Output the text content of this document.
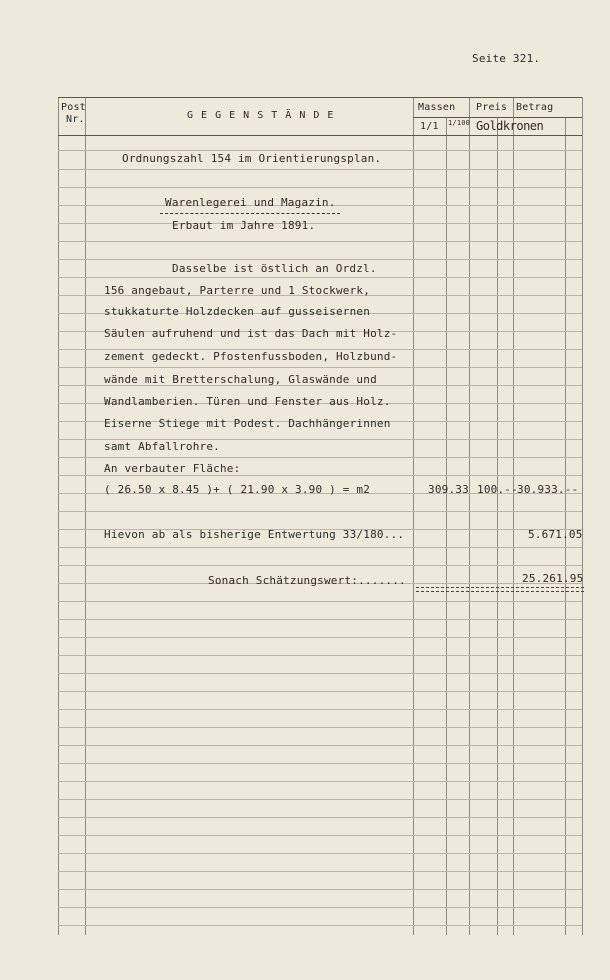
Seite 321.
Post
Nr.	G E G E N S T Ä N D E
Massen Preis Betrag
1/1 1/100 Goldkronen
Ordnungszahl 154 im Orientierungsplan.
Warenlegerei und Magazin.
Erbaut im Jahre 1891.
Dasselbe ist östlich an Ordzl.
156 angebaut, Parterre und 1 Stockwerk,
stukkaturte Holzdecken auf gusseisernen
Säulen aufruhend und ist das Dach mit Holz-
zement gedeckt. Pfostenfussboden, Holzbund-
wände mit Bretterschalung, Glaswände und
Wandlamberien. Türen und Fenster aus Holz.
Eiserne Stiege mit Podest. Dachhängerinnen
samt Abfallrohre.
An verbauter Fläche:
( 26.50 x 8.45 )+ ( 21.90 x 3.90 ) = m2
Hievon ab als bisherige Entwertung 33/180...
Sonach Schätzungswert:.......
309.33 100.-- 30.933.--
5.671.05
25.261.95
